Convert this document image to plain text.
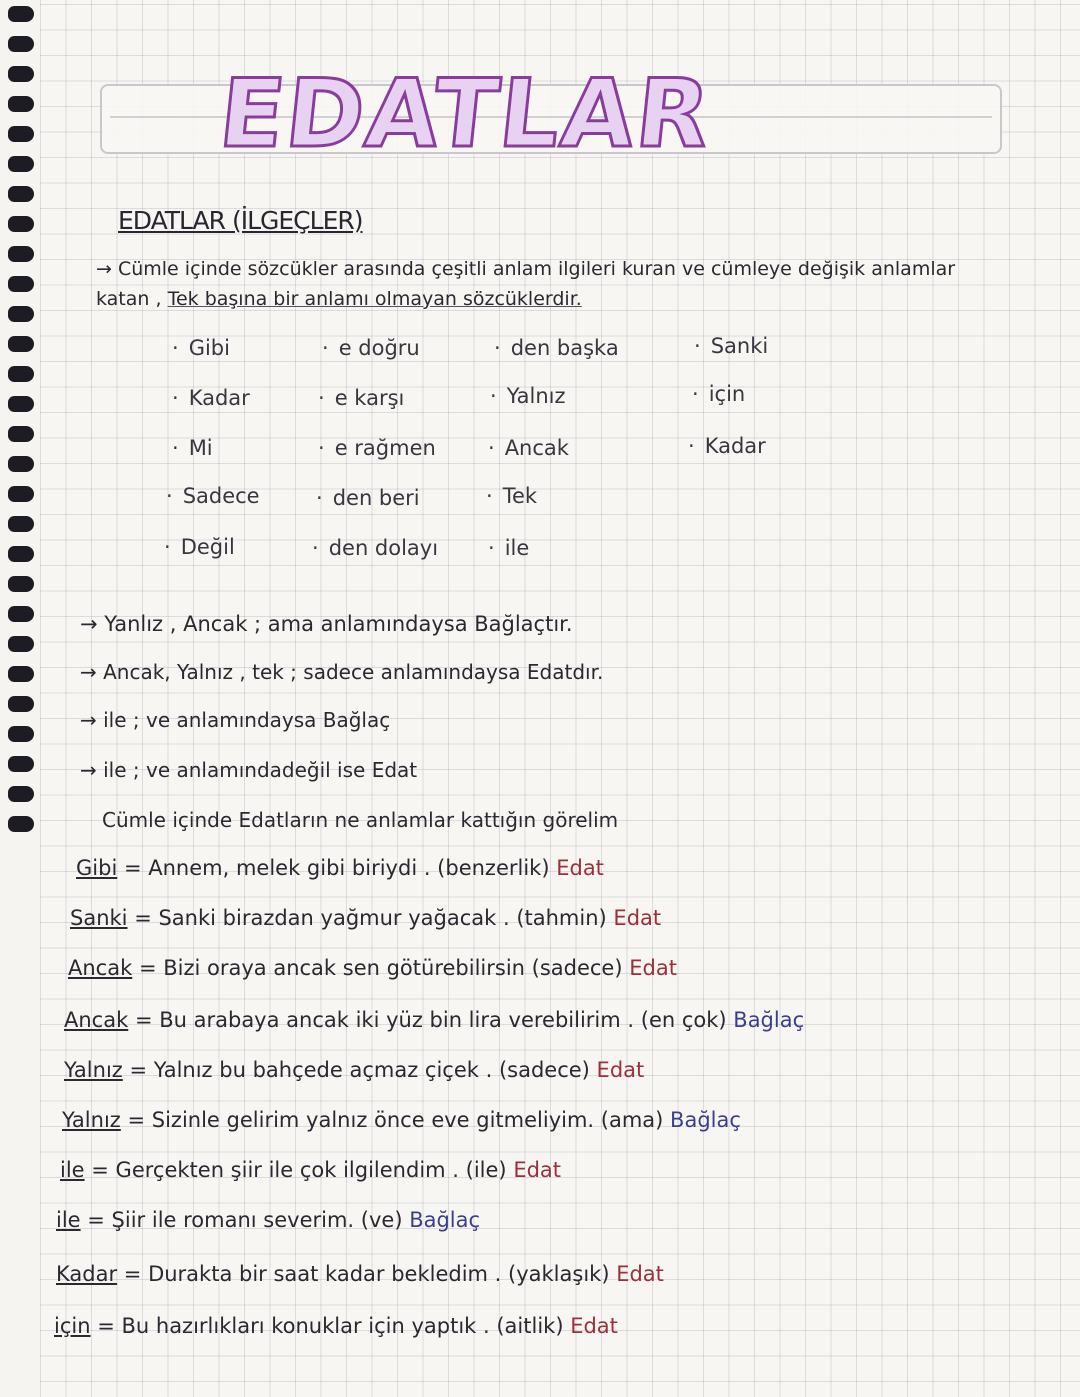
EDATLAR
EDATLAR (İLGEÇLER)
→ Cümle içinde sözcükler arasında çeşitli anlam ilgileri kuran ve cümleye değişik anlamlar
katan , Tek başına bir anlamı olmayan sözcüklerdir.
· Gibi
· Kadar
· Mi
· Sadece
· Değil
· e doğru
· e karşı
· e rağmen
· den beri
· den dolayı
· den başka
· Yalnız
· Ancak
· Tek
· ile
· Sanki
· için
· Kadar
→ Yanlız , Ancak ; ama anlamındaysa Bağlaçtır.
→ Ancak, Yalnız , tek ; sadece anlamındaysa Edatdır.
→ ile ; ve anlamındaysa Bağlaç
→ ile ; ve anlamındadeğil ise Edat
Cümle içinde Edatların ne anlamlar kattığın görelim
Gibi = Annem, melek gibi biriydi . (benzerlik) Edat
Sanki = Sanki birazdan yağmur yağacak . (tahmin) Edat
Ancak = Bizi oraya ancak sen götürebilirsin (sadece) Edat
Ancak = Bu arabaya ancak iki yüz bin lira verebilirim . (en çok) Bağlaç
Yalnız = Yalnız bu bahçede açmaz çiçek . (sadece) Edat
Yalnız = Sizinle gelirim yalnız önce eve gitmeliyim. (ama) Bağlaç
ile = Gerçekten şiir ile çok ilgilendim . (ile) Edat
ile = Şiir ile romanı severim. (ve) Bağlaç
Kadar = Durakta bir saat kadar bekledim . (yaklaşık) Edat
için = Bu hazırlıkları konuklar için yaptık . (aitlik) Edat
